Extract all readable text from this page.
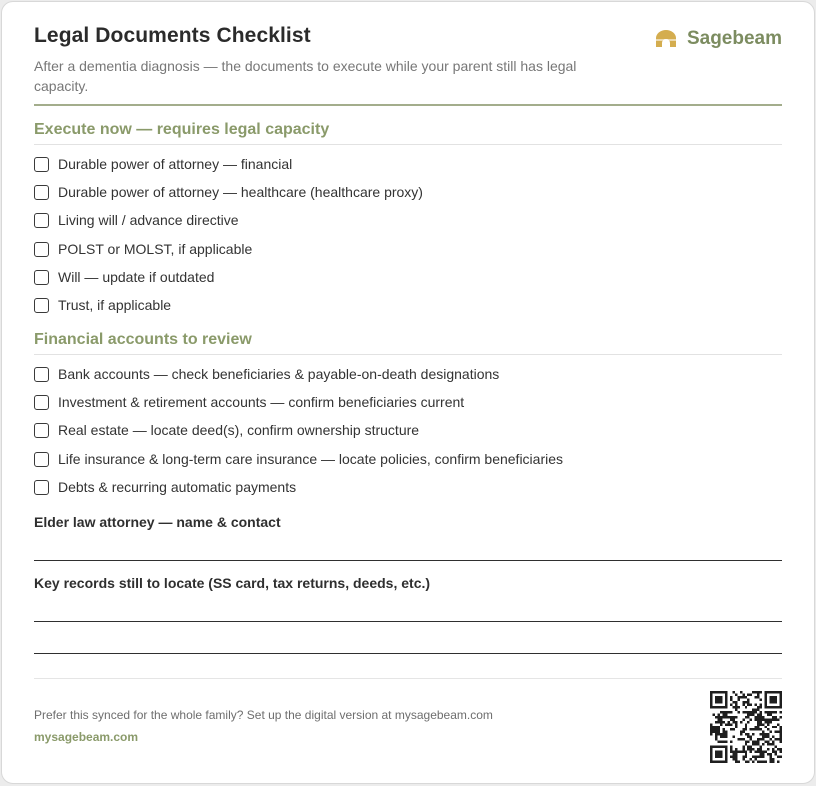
Legal Documents Checklist
After a dementia diagnosis — the documents to execute while your parent still has legal capacity.
Sagebeam
Execute now — requires legal capacity
Durable power of attorney — financial
Durable power of attorney — healthcare (healthcare proxy)
Living will / advance directive
POLST or MOLST, if applicable
Will — update if outdated
Trust, if applicable
Financial accounts to review
Bank accounts — check beneficiaries & payable-on-death designations
Investment & retirement accounts — confirm beneficiaries current
Real estate — locate deed(s), confirm ownership structure
Life insurance & long-term care insurance — locate policies, confirm beneficiaries
Debts & recurring automatic payments
Elder law attorney — name & contact
Key records still to locate (SS card, tax returns, deeds, etc.)
Prefer this synced for the whole family? Set up the digital version at mysagebeam.com
mysagebeam.com
